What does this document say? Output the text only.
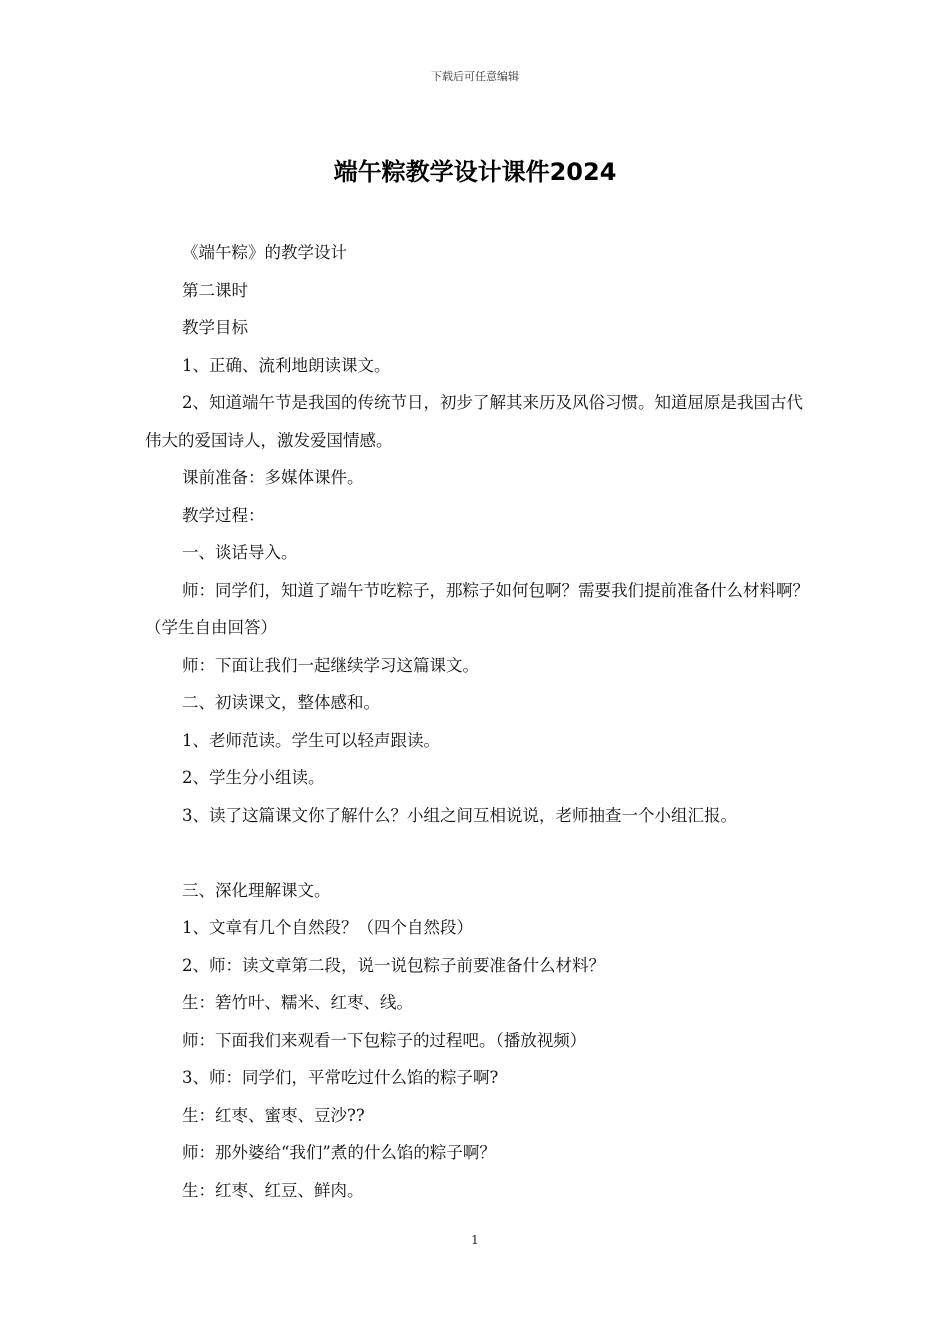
下载后可任意编辑
端午粽教学设计课件2024

《端午粽》的教学设计

第二课时

教学目标

1、正确、流利地朗读课文。

2、知道端午节是我国的传统节日，初步了解其来历及风俗习惯。知道屈原是我国古代伟大的爱国诗人，激发爱国情感。

课前准备：多媒体课件。

教学过程：

一、谈话导入。

师：同学们，知道了端午节吃粽子，那粽子如何包啊？需要我们提前准备什么材料啊？（学生自由回答）

师：下面让我们一起继续学习这篇课文。

二、初读课文，整体感和。

1、老师范读。学生可以轻声跟读。

2、学生分小组读。

3、读了这篇课文你了解什么？小组之间互相说说，老师抽查一个小组汇报。

三、深化理解课文。

1、文章有几个自然段？（四个自然段）

2、师：读文章第二段，说一说包粽子前要准备什么材料？

生：箬竹叶、糯米、红枣、线。

师：下面我们来观看一下包粽子的过程吧。（播放视频）

3、师：同学们，平常吃过什么馅的粽子啊?

生：红枣、蜜枣、豆沙??

师：那外婆给“我们”煮的什么馅的粽子啊？

生：红枣、红豆、鲜肉。

1
